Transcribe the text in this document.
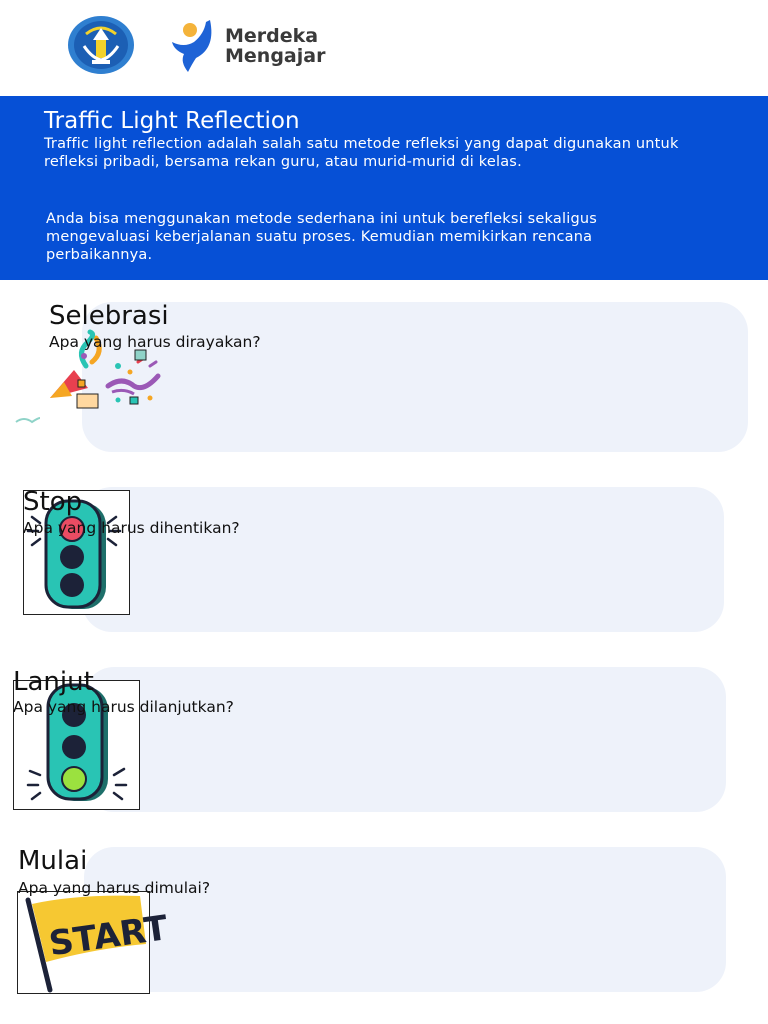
Merdeka
Mengajar
Traffic Light Reflection
Traffic light reflection adalah salah satu metode refleksi yang dapat digunakan untuk refleksi pribadi, bersama rekan guru, atau murid-murid di kelas.
Anda bisa menggunakan metode sederhana ini untuk berefleksi sekaligus mengevaluasi keberjalanan suatu proses. Kemudian memikirkan rencana perbaikannya.
Selebrasi
Apa yang harus dirayakan?
Stop
Apa yang harus dihentikan?
Lanjut
Apa yang harus dilanjutkan?
START
Mulai
Apa yang harus dimulai?
